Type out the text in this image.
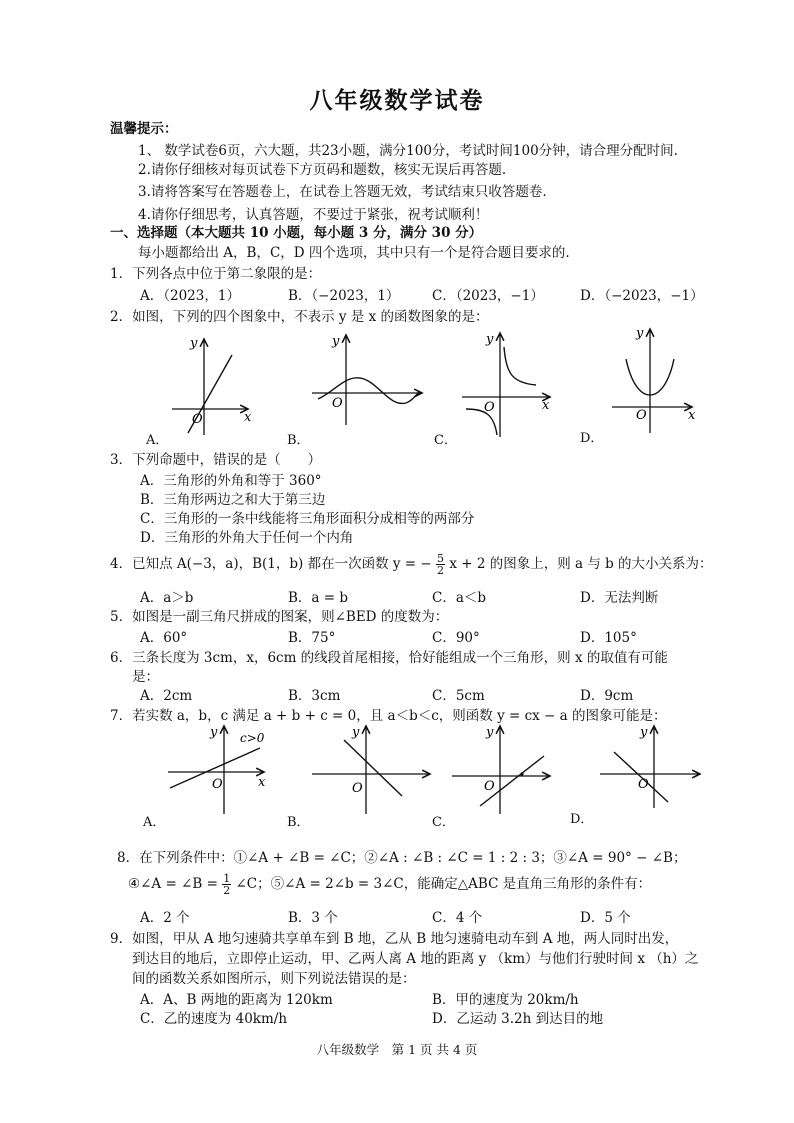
八年级数学试卷
温馨提示：
1、 数学试卷6页，六大题，共23小题，满分100分，考试时间100分钟，请合理分配时间.
2.请你仔细核对每页试卷下方页码和题数，核实无误后再答题.
3.请将答案写在答题卷上，在试卷上答题无效，考试结束只收答题卷.
4.请你仔细思考，认真答题，不要过于紧张，祝考试顺利！
一、选择题（本大题共 10 小题，每小题 3 分，满分 30 分）
每小题都给出 A，B，C，D 四个选项，其中只有一个是符合题目要求的.
1．下列各点中位于第二象限的是：
A．（2023，1）	B．（−2023，1） C．（2023，−1）	D．（−2023，−1）
2．如图，下列的四个图象中，不表示 y 是 x 的函数图象的是：
O	x
y
O
y
O	x
y
O	x
y
A．	B．	C．	D．
3．下列命题中，错误的是（　　）
A．三角形的外角和等于 360°
B．三角形两边之和大于第三边
C．三角形的一条中线能将三角形面积分成相等的两部分
D．三角形的外角大于任何一个内角
4．已知点 A(−3，a)，B(1，b) 都在一次函数 y = − $\frac{5}{2}$ x + 2 的图象上，则 a 与 b 的大小关系为：
A．a＞b	B．a = b	C．a＜b	D．无法判断
5．如图是一副三角尺拼成的图案，则∠BED 的度数为：
A．60°	B．75°	C．90°	D．105°
6．三条长度为 3cm，x，6cm 的线段首尾相接，恰好能组成一个三角形，则 x 的取值有可能
是：
A．2cm	B．3cm	C．5cm	D．9cm
7．若实数 a，b，c 满足 a + b + c = 0，且 a＜b＜c，则函数 y = cx − a 的图象可能是：
O	x
y c>0
O
y
O
y
O
y
A．	B．	C．	D．
8．在下列条件中：①∠A + ∠B = ∠C；②∠A : ∠B : ∠C = 1 : 2 : 3；③∠A = 90° − ∠B；
④∠A = ∠B = $\frac{1}{2}$ ∠C；⑤∠A = 2∠b = 3∠C，能确定△ABC 是直角三角形的条件有：
A．2 个	B．3 个	C．4 个	D．5 个
9．如图，甲从 A 地匀速骑共享单车到 B 地，乙从 B 地匀速骑电动车到 A 地，两人同时出发，
到达目的地后，立即停止运动，甲、乙两人离 A 地的距离 y （km）与他们行驶时间 x （h）之
间的函数关系如图所示，则下列说法错误的是：
A．A、B 两地的距离为 120km	B．甲的速度为 20km/h
C．乙的速度为 40km/h	D．乙运动 3.2h 到达目的地
八年级数学　第 1 页 共 4 页
